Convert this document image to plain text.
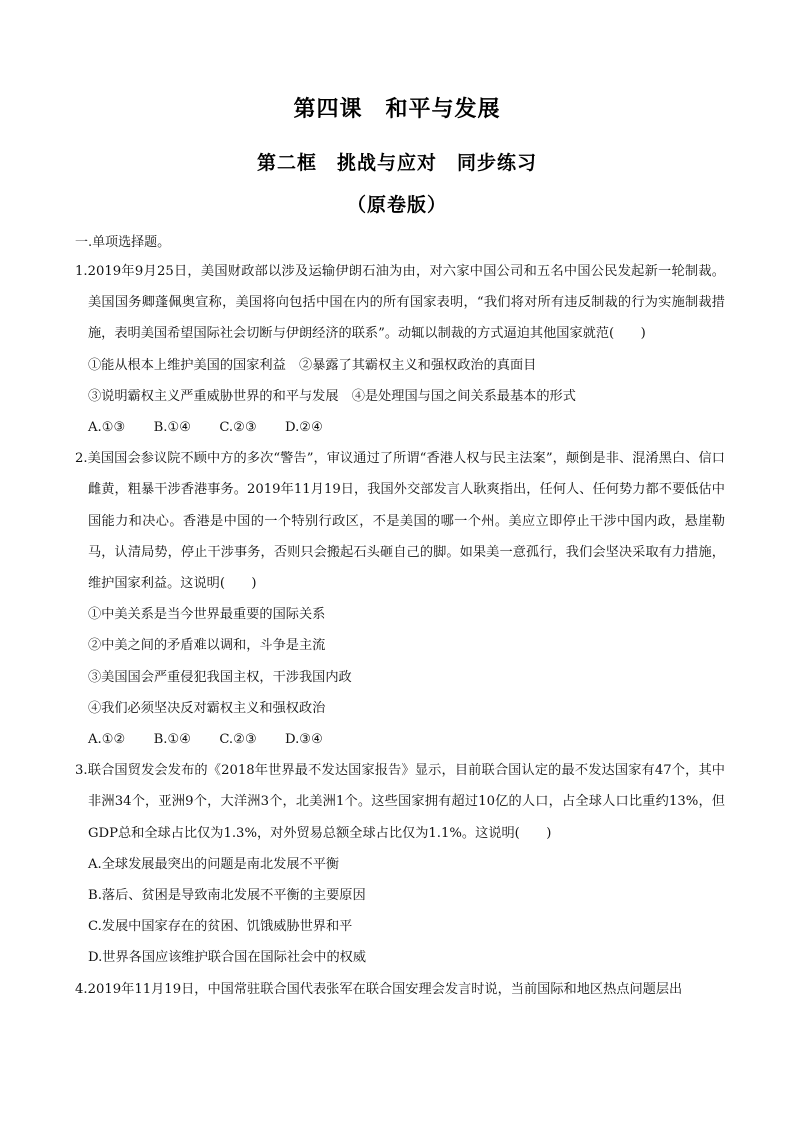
第四课　和平与发展
第二框　挑战与应对　同步练习
（原卷版）
一.单项选择题。

1.2019年9月25日，美国财政部以涉及运输伊朗石油为由，对六家中国公司和五名中国公民发起新一轮制裁。美国国务卿蓬佩奥宣称，美国将向包括中国在内的所有国家表明，“我们将对所有违反制裁的行为实施制裁措施，表明美国希望国际社会切断与伊朗经济的联系”。动辄以制裁的方式逼迫其他国家就范(　　)

①能从根本上维护美国的国家利益　②暴露了其霸权主义和强权政治的真面目
③说明霸权主义严重威胁世界的和平与发展　④是处理国与国之间关系最基本的形式
A.①③ B.①④ C.②③ D.②④

2.美国国会参议院不顾中方的多次“警告”，审议通过了所谓“香港人权与民主法案”，颠倒是非、混淆黑白、信口雌黄，粗暴干涉香港事务。2019年11月19日，我国外交部发言人耿爽指出，任何人、任何势力都不要低估中国能力和决心。香港是中国的一个特别行政区，不是美国的哪一个州。美应立即停止干涉中国内政，悬崖勒马，认清局势，停止干涉事务，否则只会搬起石头砸自己的脚。如果美一意孤行，我们会坚决采取有力措施，维护国家利益。这说明(　　)

①中美关系是当今世界最重要的国际关系
②中美之间的矛盾难以调和，斗争是主流
③美国国会严重侵犯我国主权，干涉我国内政
④我们必须坚决反对霸权主义和强权政治
A.①② B.①④ C.②③ D.③④

3.联合国贸发会发布的《2018年世界最不发达国家报告》显示，目前联合国认定的最不发达国家有47个，其中非洲34个，亚洲9个，大洋洲3个，北美洲1个。这些国家拥有超过10亿的人口，占全球人口比重约13%，但GDP总和全球占比仅为1.3%，对外贸易总额全球占比仅为1.1%。这说明(　　)

A.全球发展最突出的问题是南北发展不平衡
B.落后、贫困是导致南北发展不平衡的主要原因
C.发展中国家存在的贫困、饥饿威胁世界和平
D.世界各国应该维护联合国在国际社会中的权威

4.2019年11月19日，中国常驻联合国代表张军在联合国安理会发言时说，当前国际和地区热点问题层出
